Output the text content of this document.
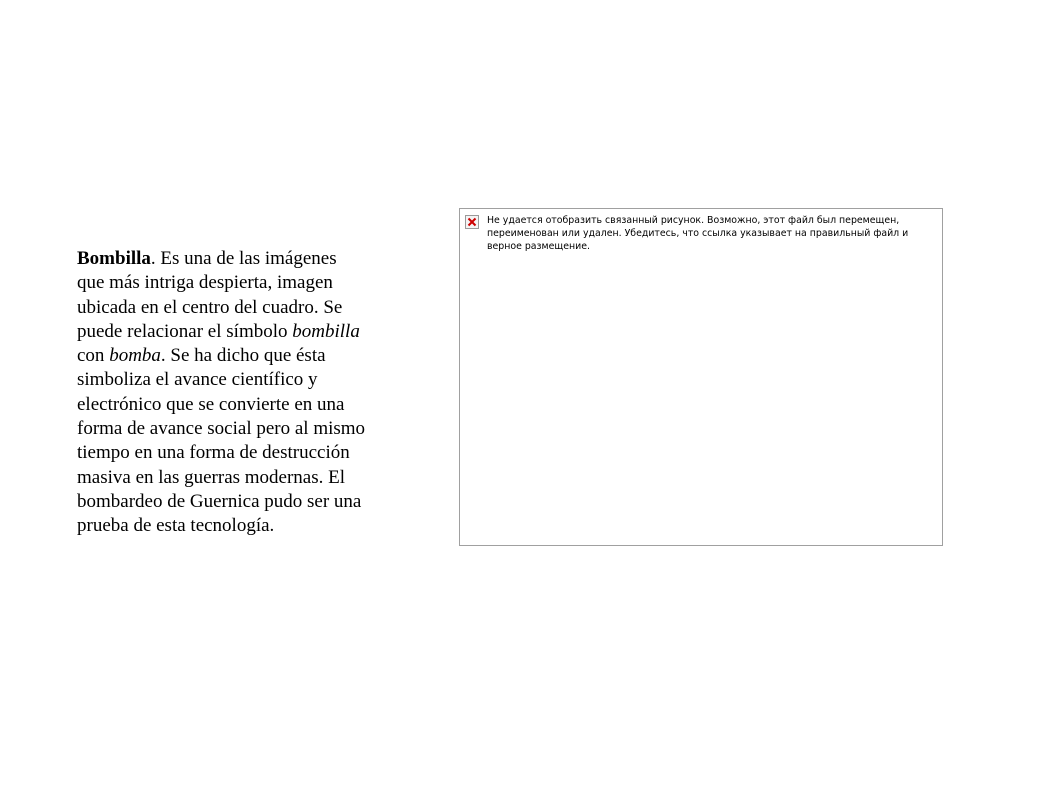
Bombilla. Es una de las imágenes que más intriga despierta, imagen ubicada en el centro del cuadro. Se puede relacionar el símbolo bombilla con bomba. Se ha dicho que ésta simboliza el avance científico y electrónico que se convierte en una forma de avance social pero al mismo tiempo en una forma de destrucción masiva en las guerras modernas. El bombardeo de Guernica pudo ser una prueba de esta tecnología.
Не удается отобразить связанный рисунок. Возможно, этот файл был перемещен, переименован или удален. Убедитесь, что ссылка указывает на правильный файл и верное размещение.
